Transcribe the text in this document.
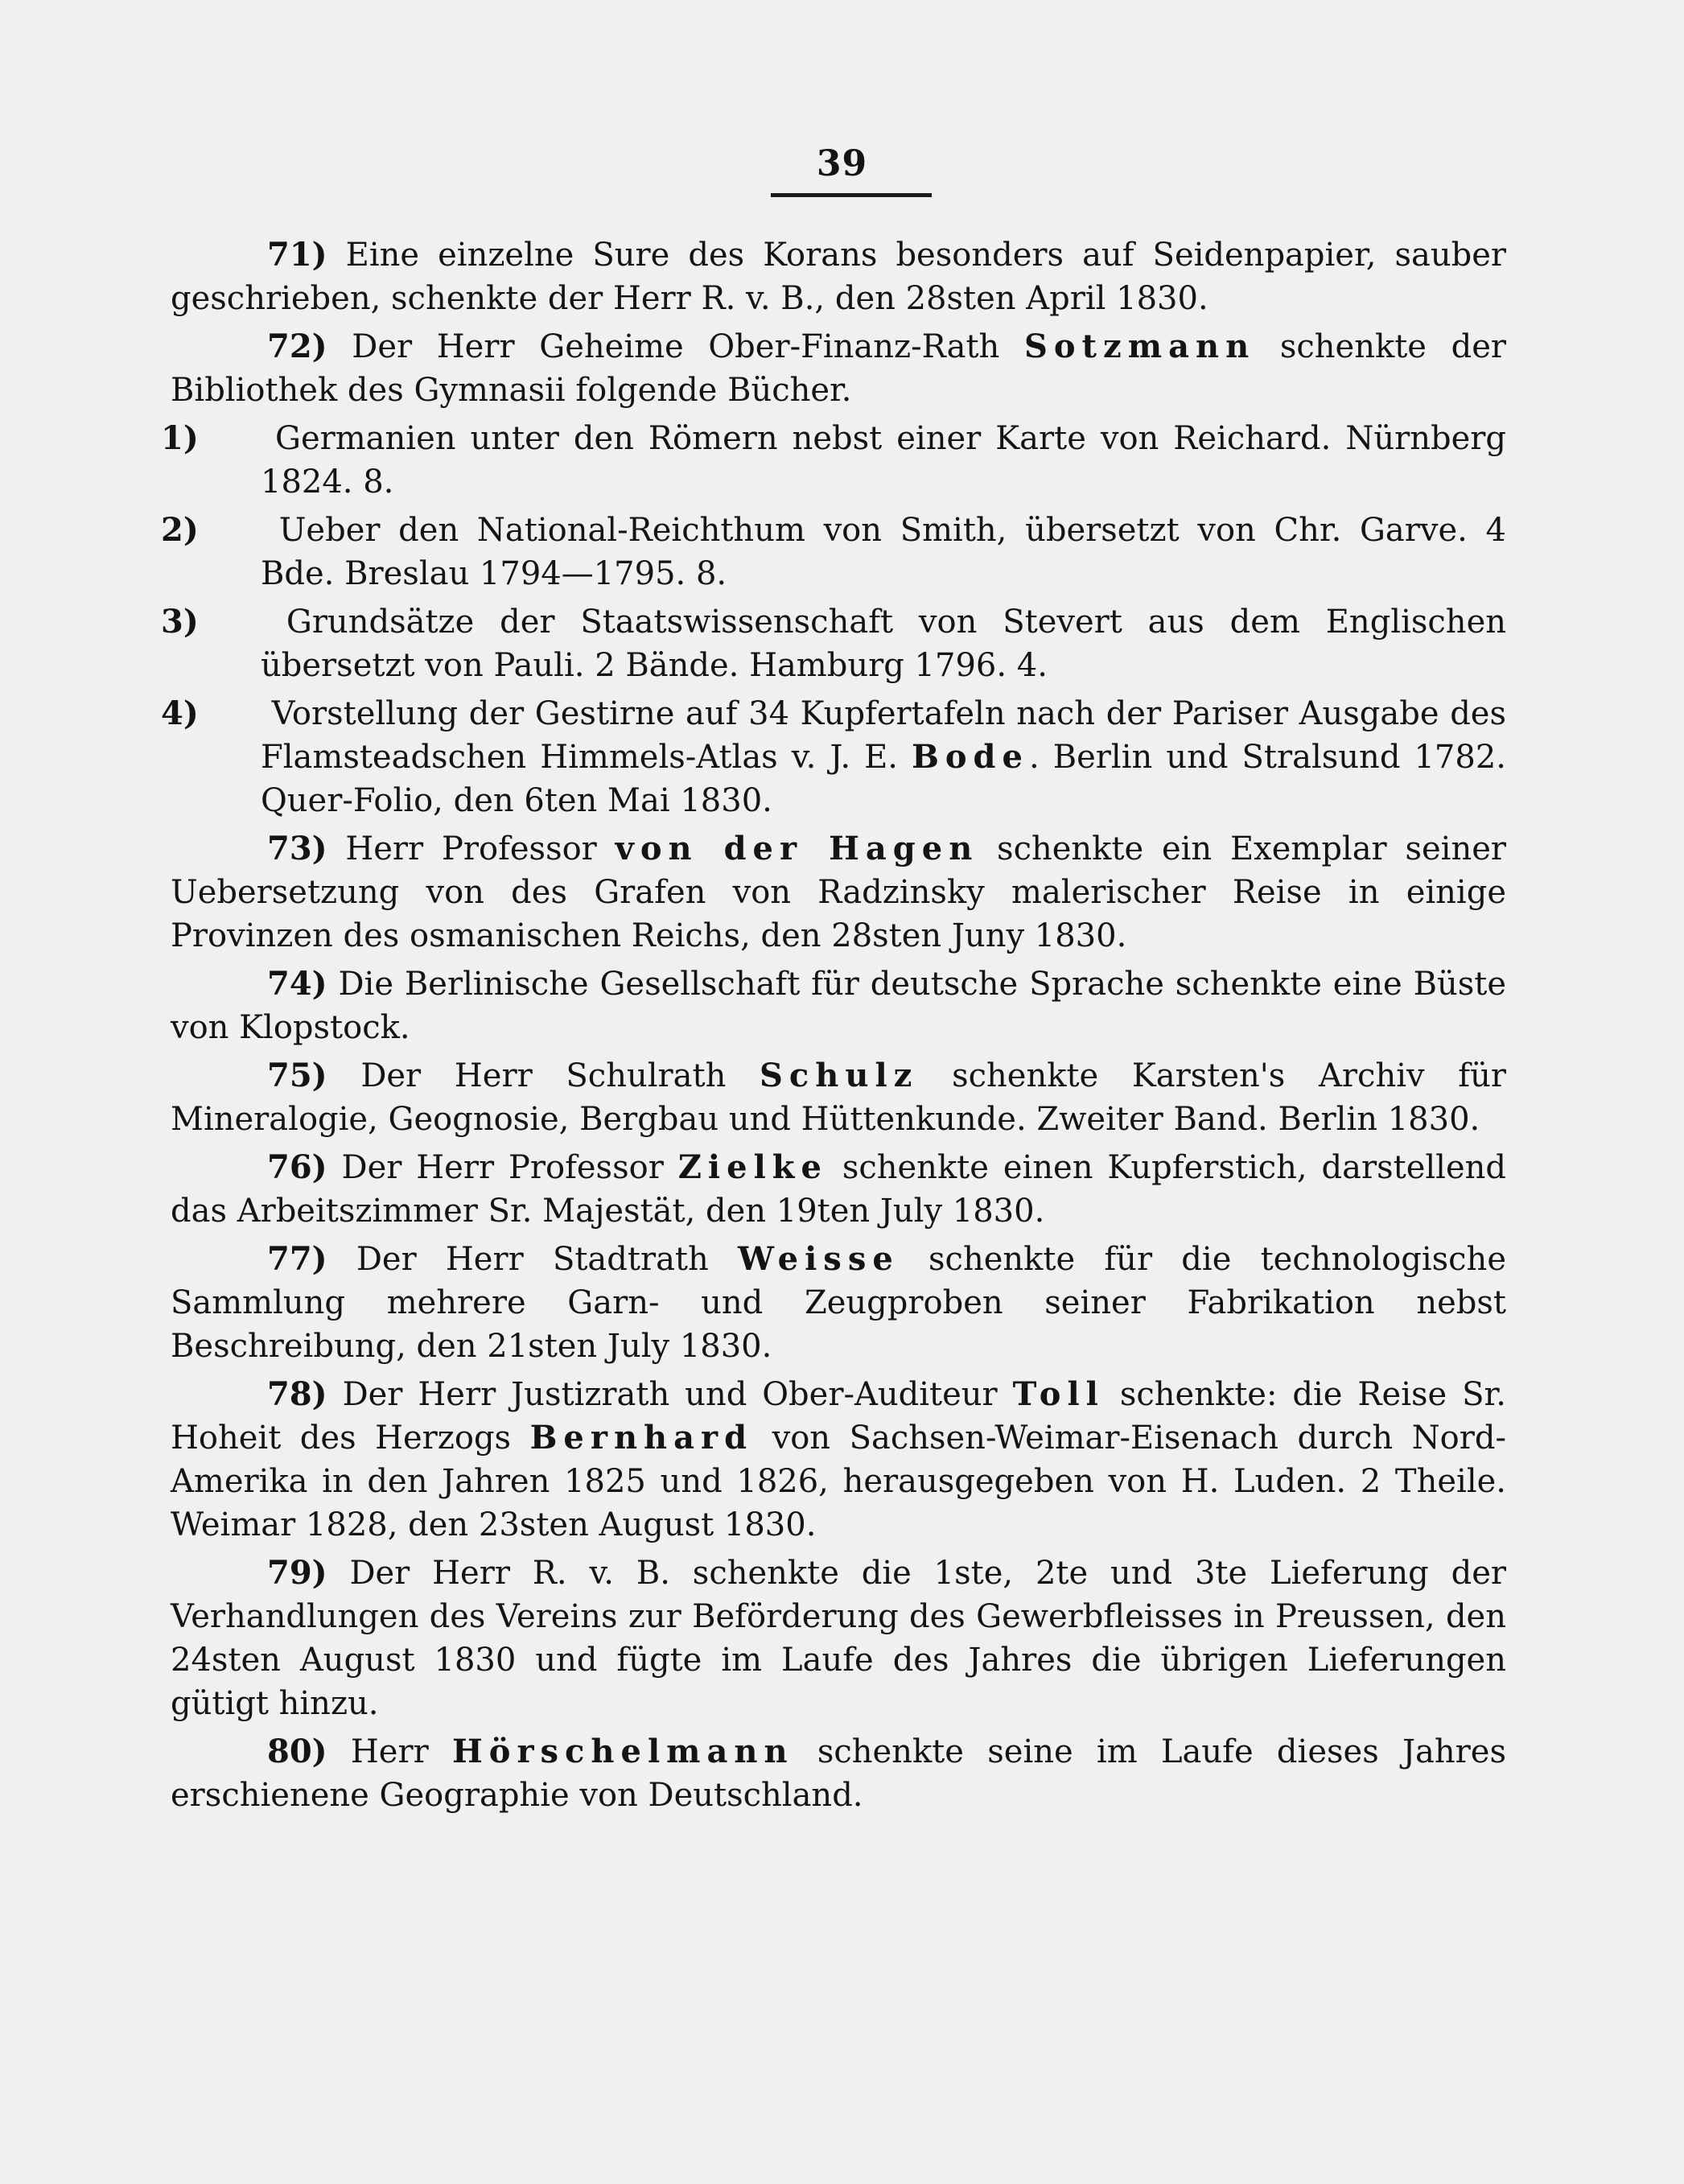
39

71) Eine einzelne Sure des Korans besonders auf Seidenpapier, sauber geschrieben, schenkte der Herr R. v. B., den 28sten April 1830.

72) Der Herr Geheime Ober-Finanz-Rath Sotzmann schenkte der Bibliothek des Gymnasii folgende Bücher.

1) Germanien unter den Römern nebst einer Karte von Reichard. Nürnberg 1824. 8.

2) Ueber den National-Reichthum von Smith, übersetzt von Chr. Garve. 4 Bde. Breslau 1794—1795. 8.

3)	Grundsätze der Staatswissenschaft von Stevert aus dem Englischen übersetzt von Pauli. 2 Bände. Hamburg 1796. 4.

4) Vorstellung der Gestirne auf 34 Kupfertafeln nach der Pariser Ausgabe des Flamsteadschen Himmels-Atlas v. J. E. Bode. Berlin und Stralsund 1782. Quer-Folio, den 6ten Mai 1830.

73) Herr Professor von der Hagen schenkte ein Exemplar seiner Uebersetzung von des Grafen von Radzinsky malerischer Reise in einige Provinzen des osmanischen Reichs, den 28sten Juny 1830.

74) Die Berlinische Gesellschaft für deutsche Sprache schenkte eine Büste von Klopstock.

75) Der Herr Schulrath Schulz schenkte Karsten's Archiv für Mineralogie, Geognosie, Bergbau und Hüttenkunde. Zweiter Band. Berlin 1830.

76) Der Herr Professor Zielke schenkte einen Kupferstich, darstellend das Arbeitszimmer Sr. Majestät, den 19ten July 1830.

77) Der Herr Stadtrath Weisse schenkte für die technologische Sammlung mehrere Garn- und Zeugproben seiner Fabrikation nebst Beschreibung, den 21sten July 1830.

78) Der Herr Justizrath und Ober-Auditeur Toll schenkte: die Reise Sr. Hoheit des Herzogs Bernhard von Sachsen-Weimar-Eisenach durch Nord-Amerika in den Jahren 1825 und 1826, herausgegeben von H. Luden. 2 Theile. Weimar 1828, den 23sten August 1830.

79) Der Herr R. v. B. schenkte die 1ste, 2te und 3te Lieferung der Verhandlungen des Vereins zur Beförderung des Gewerbfleisses in Preussen, den 24sten August 1830 und fügte im Laufe des Jahres die übrigen Lieferungen gütigt hinzu.

80) Herr Hörschelmann schenkte seine im Laufe dieses Jahres erschienene Geographie von Deutschland.
